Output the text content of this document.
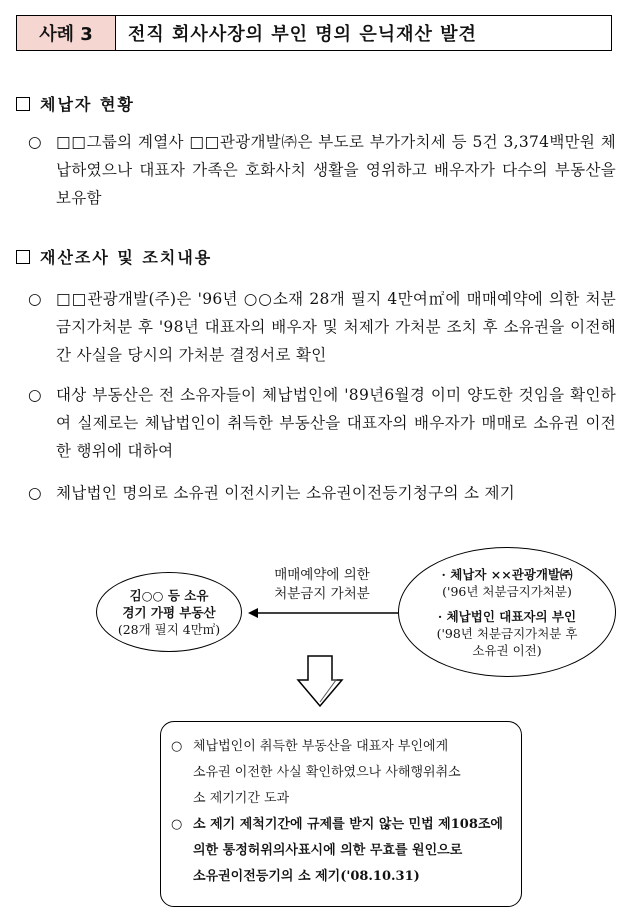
사례 3	전직 회사사장의 부인 명의 은닉재산 발견
체납자 현황
○ □□그룹의 계열사 □□관광개발㈜은 부도로 부가가치세 등 5건 3,374백만원 체납하였으나 대표자 가족은 호화사치 생활을 영위하고 배우자가 다수의 부동산을 보유함
재산조사 및 조치내용
○ □□관광개발(주)은 '96년 ○○소재 28개 필지 4만여㎡에 매매예약에 의한 처분금지가처분 후 '98년 대표자의 배우자 및 처제가 가처분 조치 후 소유권을 이전해 간 사실을 당시의 가처분 결정서로 확인
○ 대상 부동산은 전 소유자들이 체납법인에 '89년6월경 이미 양도한 것임을 확인하여 실제로는 체납법인이 취득한 부동산을 대표자의 배우자가 매매로 소유권 이전한 행위에 대하여
○ 체납법인 명의로 소유권 이전시키는 소유권이전등기청구의 소 제기
김○○ 등 소유
경기 가평 부동산
(28개 필지 4만㎡)
매매예약에 의한
처분금지 가처분
· 체납자 ××관광개발㈜
('96년 처분금지가처분)
· 체납법인 대표자의 부인
('98년 처분금지가처분 후
소유권 이전)
○ 체납법인이 취득한 부동산을 대표자 부인에게
소유권 이전한 사실 확인하였으나 사해행위취소
소 제기기간 도과
○ 소 제기 제척기간에 규제를 받지 않는 민법 제108조에
의한 통정허위의사표시에 의한 무효를 원인으로
소유권이전등기의 소 제기('08.10.31)
